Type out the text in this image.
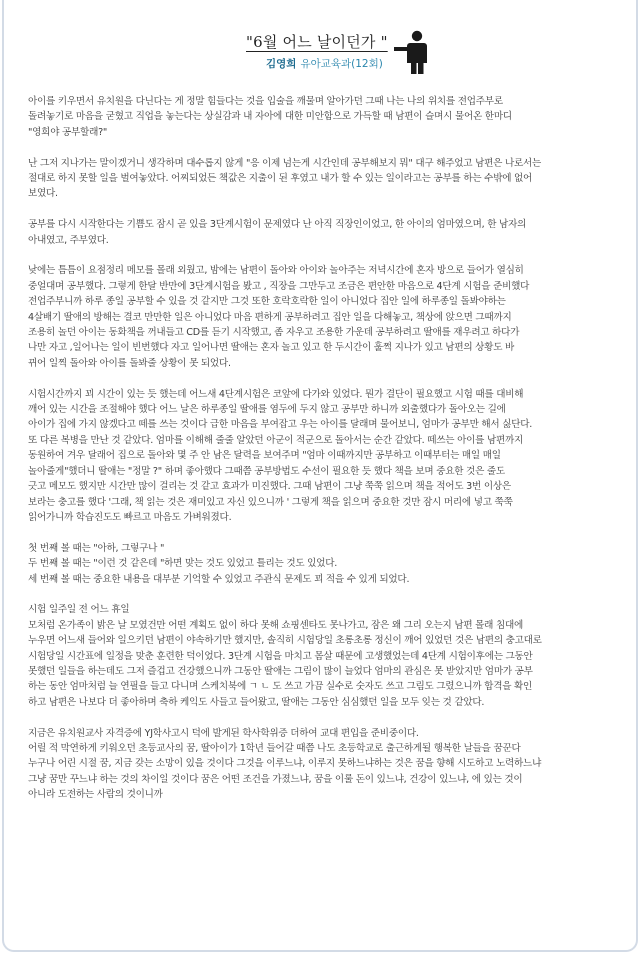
"6월 어느 날이던가 "
김영희 유아교육과(12회)

아이를 키우면서 유치원을 다닌다는 게 정말 힘들다는 것을 입술을 깨물며 알아가던 그때 나는 나의 위치를 전업주부로
돌려놓기로 마음을 굳혔고 직업을 놓는다는 상실감과 내 자아에 대한 미안함으로 가득할 때 남편이 슬며시 물어온 한마디
"영희야 공부할래?"

난 그저 지나가는 말이겠거니 생각하며 대수롭지 않게 "응 이제 넘는게 시간인데 공부해보지 뭐" 대구 해주었고 남편은 나로서는
절대로 하지 못할 일을 벌여놓았다. 어찌되었든 책값은 지출이 된 후였고 내가 할 수 있는 일이라고는 공부를 하는 수밖에 없어
보였다.

공부를 다시 시작한다는 기쁨도 잠시 곧 있을 3단계시험이 문제였다 난 아직 직장인이었고, 한 아이의 엄마였으며, 한 남자의
아내였고, 주부였다.

낮에는 틈틈이 요점정리 메모를 몰래 외웠고, 밤에는 남편이 돌아와 아이와 놀아주는 저녁시간에 혼자 방으로 들어가 열심히
중얼대며 공부했다. 그렇게 한달 반만에 3단계시험을 봤고 , 직장을 그만두고 조금은 편안한 마음으로 4단계 시험을 준비했다
전업주부니까 하루 종일 공부할 수 있을 것 같지만 그것 또한 호락호락한 일이 아니었다 집안 일에 하루종일 돌봐야하는
4살배기 딸애의 방해는 결코 만만한 일은 아니었다 마음 편하게 공부하려고 집안 일을 다해놓고, 책상에 앉으면 그때까지
조용히 놀던 아이는 동화책을 꺼내들고 CD를 듣기 시작했고, 좀 자우고 조용한 가운데 공부하려고 딸애를 재우려고 하다가
나만 자고 ,일어나는 일이 빈번했다 자고 일어나면 딸애는 혼자 놀고 있고 한 두시간이 훌쩍 지나가 있고 남편의 상황도 바
뀌어 일찍 돌아와 아이를 돌봐줄 상황이 못 되었다.

시험시간까지 꾀 시간이 있는 듯 했는데 어느새 4단계시험은 코앞에 다가와 있었다. 뭔가 결단이 필요했고 시험 때를 대비해
깨어 있는 시간을 조절해야 했다 어느 날은 하루종일 딸애를 염두에 두지 않고 공부만 하니까 외출했다가 돌아오는 길에
아이가 집에 가지 않겠다고 떼를 쓰는 것이다 급한 마음을 부여잡고 우는 아이를 달래며 물어보니, 엄마가 공부만 해서 싫단다.
또 다른 복병을 만난 것 같았다. 엄마를 이해해 줄줄 알았던 아군이 적군으로 돌아서는 순간 같았다. 떼쓰는 아이를 남편까지
동원하여 겨우 달래어 집으로 돌아와 몇 주 안 남은 달력을 보여주며 "엄마 이때까지만 공부하고 이때부터는 매일 매일
놀아줄게"했더니 딸애는 "정말 ?" 하며 좋아했다 그때쯤 공부방법도 수선이 필요한 듯 했다 책을 보며 중요한 것은 줄도
긋고 메모도 했지만 시간만 많이 걸리는 것 같고 효과가 미진했다. 그때 남편이 그냥 쭉쭉 읽으며 책을 적어도 3번 이상은
보라는 충고를 했다 '그래, 책 읽는 것은 재미있고 자신 있으니까 ' 그렇게 책을 읽으며 중요한 것만 잠시 머리에 넣고 쭉쭉
읽어가니까 학습진도도 빠르고 마음도 가벼워졌다.

첫 번째 볼 때는 "아하, 그렇구나 "
두 번째 볼 때는 "이런 것 같은데 "하면 맞는 것도 있었고 틀리는 것도 있었다.
세 번째 볼 때는 중요한 내용을 대부분 기억할 수 있었고 주관식 문제도 꾀 적을 수 있게 되었다.

시험 일주일 전 어느 휴일
모처럼 온가족이 밝은 날 모였건만 어떤 계획도 없이 하다 못해 쇼핑센타도 못나가고, 잠은 왜 그리 오는지 남편 몰래 침대에
누우면 어느새 들어와 일으키던 남편이 야속하기만 했지만, 솔직히 시험당일 초롱초롱 정신이 깨어 있었던 것은 남편의 충고대로
시험당일 시간표에 일정을 맞춘 훈련한 덕이었다. 3단계 시험을 마치고 몸살 때문에 고생했었는데 4단계 시험이후에는 그동안
못했던 일들을 하는데도 그저 즐겁고 건강했으니까 그동안 딸애는 그림이 많이 늘었다 엄마의 관심은 못 받았지만 엄마가 공부
하는 동안 엄마처럼 늘 연필을 들고 다니며 스케치북에 ㄱ ㄴ 도 쓰고 가끔 실수로 숫자도 쓰고 그림도 그렸으니까 합격을 확인
하고 남편은 나보다 더 좋아하며 축하 케익도 사들고 들어왔고, 딸애는 그동안 심심했던 일을 모두 잊는 것 같았다.

지금은 유치원교사 자격증에 YJ학사고시 덕에 발게된 학사학위증 더하여 교대 편입을 준비중이다.
어릴 적 막연하게 키워오던 초등교사의 꿈, 딸아이가 1학년 들어갈 때쯤 나도 초등학교로 출근하게될 행복한 날들을 꿈꾼다
누구나 어린 시절 꿈, 지금 갖는 소망이 있을 것이다 그것을 이루느냐, 이루지 못하느냐하는 것은 꿈을 향해 시도하고 노력하느냐
그냥 꿈만 꾸느냐 하는 것의 차이일 것이다 꿈은 어떤 조건을 가졌느냐, 꿈을 이룰 돈이 있느냐, 건강이 있느냐, 에 있는 것이
아니라 도전하는 사람의 것이니까
